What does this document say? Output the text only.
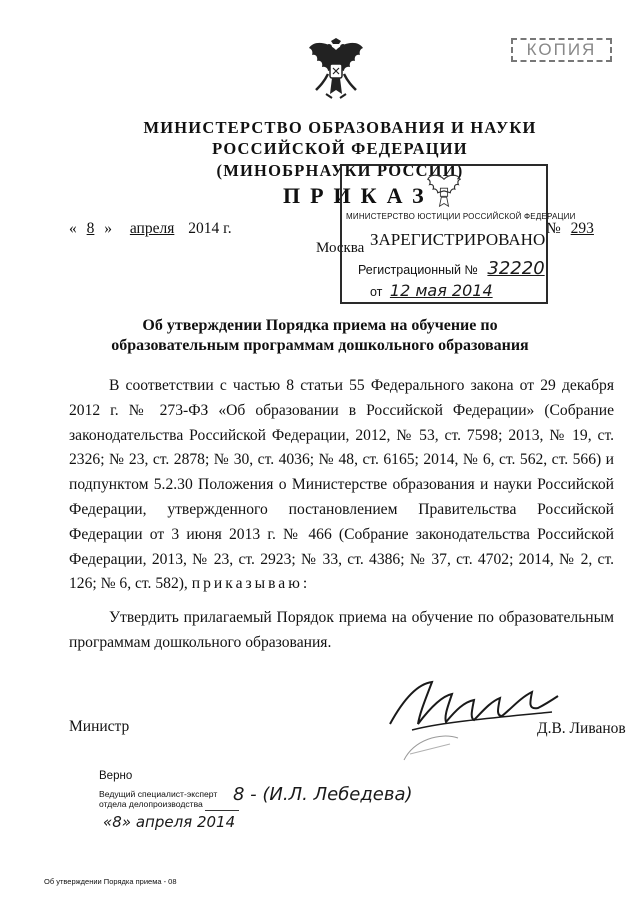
КОПИЯ
МИНИСТЕРСТВО ОБРАЗОВАНИЯ И НАУКИ
РОССИЙСКОЙ ФЕДЕРАЦИИ
(МИНОБРНАУКИ РОССИИ)
ПРИКАЗ
« 8 » апреля 2014 г.	№ 293
Москва
МИНИСТЕРСТВО ЮСТИЦИИ РОССИЙСКОЙ ФЕДЕРАЦИИ
ЗАРЕГИСТРИРОВАНО
Регистрационный № 32220
от 12 мая 2014
Об утверждении Порядка приема на обучение по образовательным программам дошкольного образования

В соответствии с частью 8 статьи 55 Федерального закона от 29 декабря 2012 г. № 273-ФЗ «Об образовании в Российской Федерации» (Собрание законодательства Российской Федерации, 2012, № 53, ст. 7598; 2013, № 19, ст. 2326; № 23, ст. 2878; № 30, ст. 4036; № 48, ст. 6165; 2014, № 6, ст. 562, ст. 566) и подпунктом 5.2.30 Положения о Министерстве образования и науки Российской Федерации, утвержденного постановлением Правительства Российской Федерации от 3 июня 2013 г. № 466 (Собрание законодательства Российской Федерации, 2013, № 23, ст. 2923; № 33, ст. 4386; № 37, ст. 4702; 2014, № 2, ст. 126; № 6, ст. 582), приказываю:

Утвердить прилагаемый Порядок приема на обучение по образовательным программам дошкольного образования.

Министр	Д.В. Ливанов
Верно
Ведущий специалист-эксперт
отдела делопроизводства 8 - (И.Л. Лебедева)
«8» апреля 2014
Об утверждении Порядка приема - 08
